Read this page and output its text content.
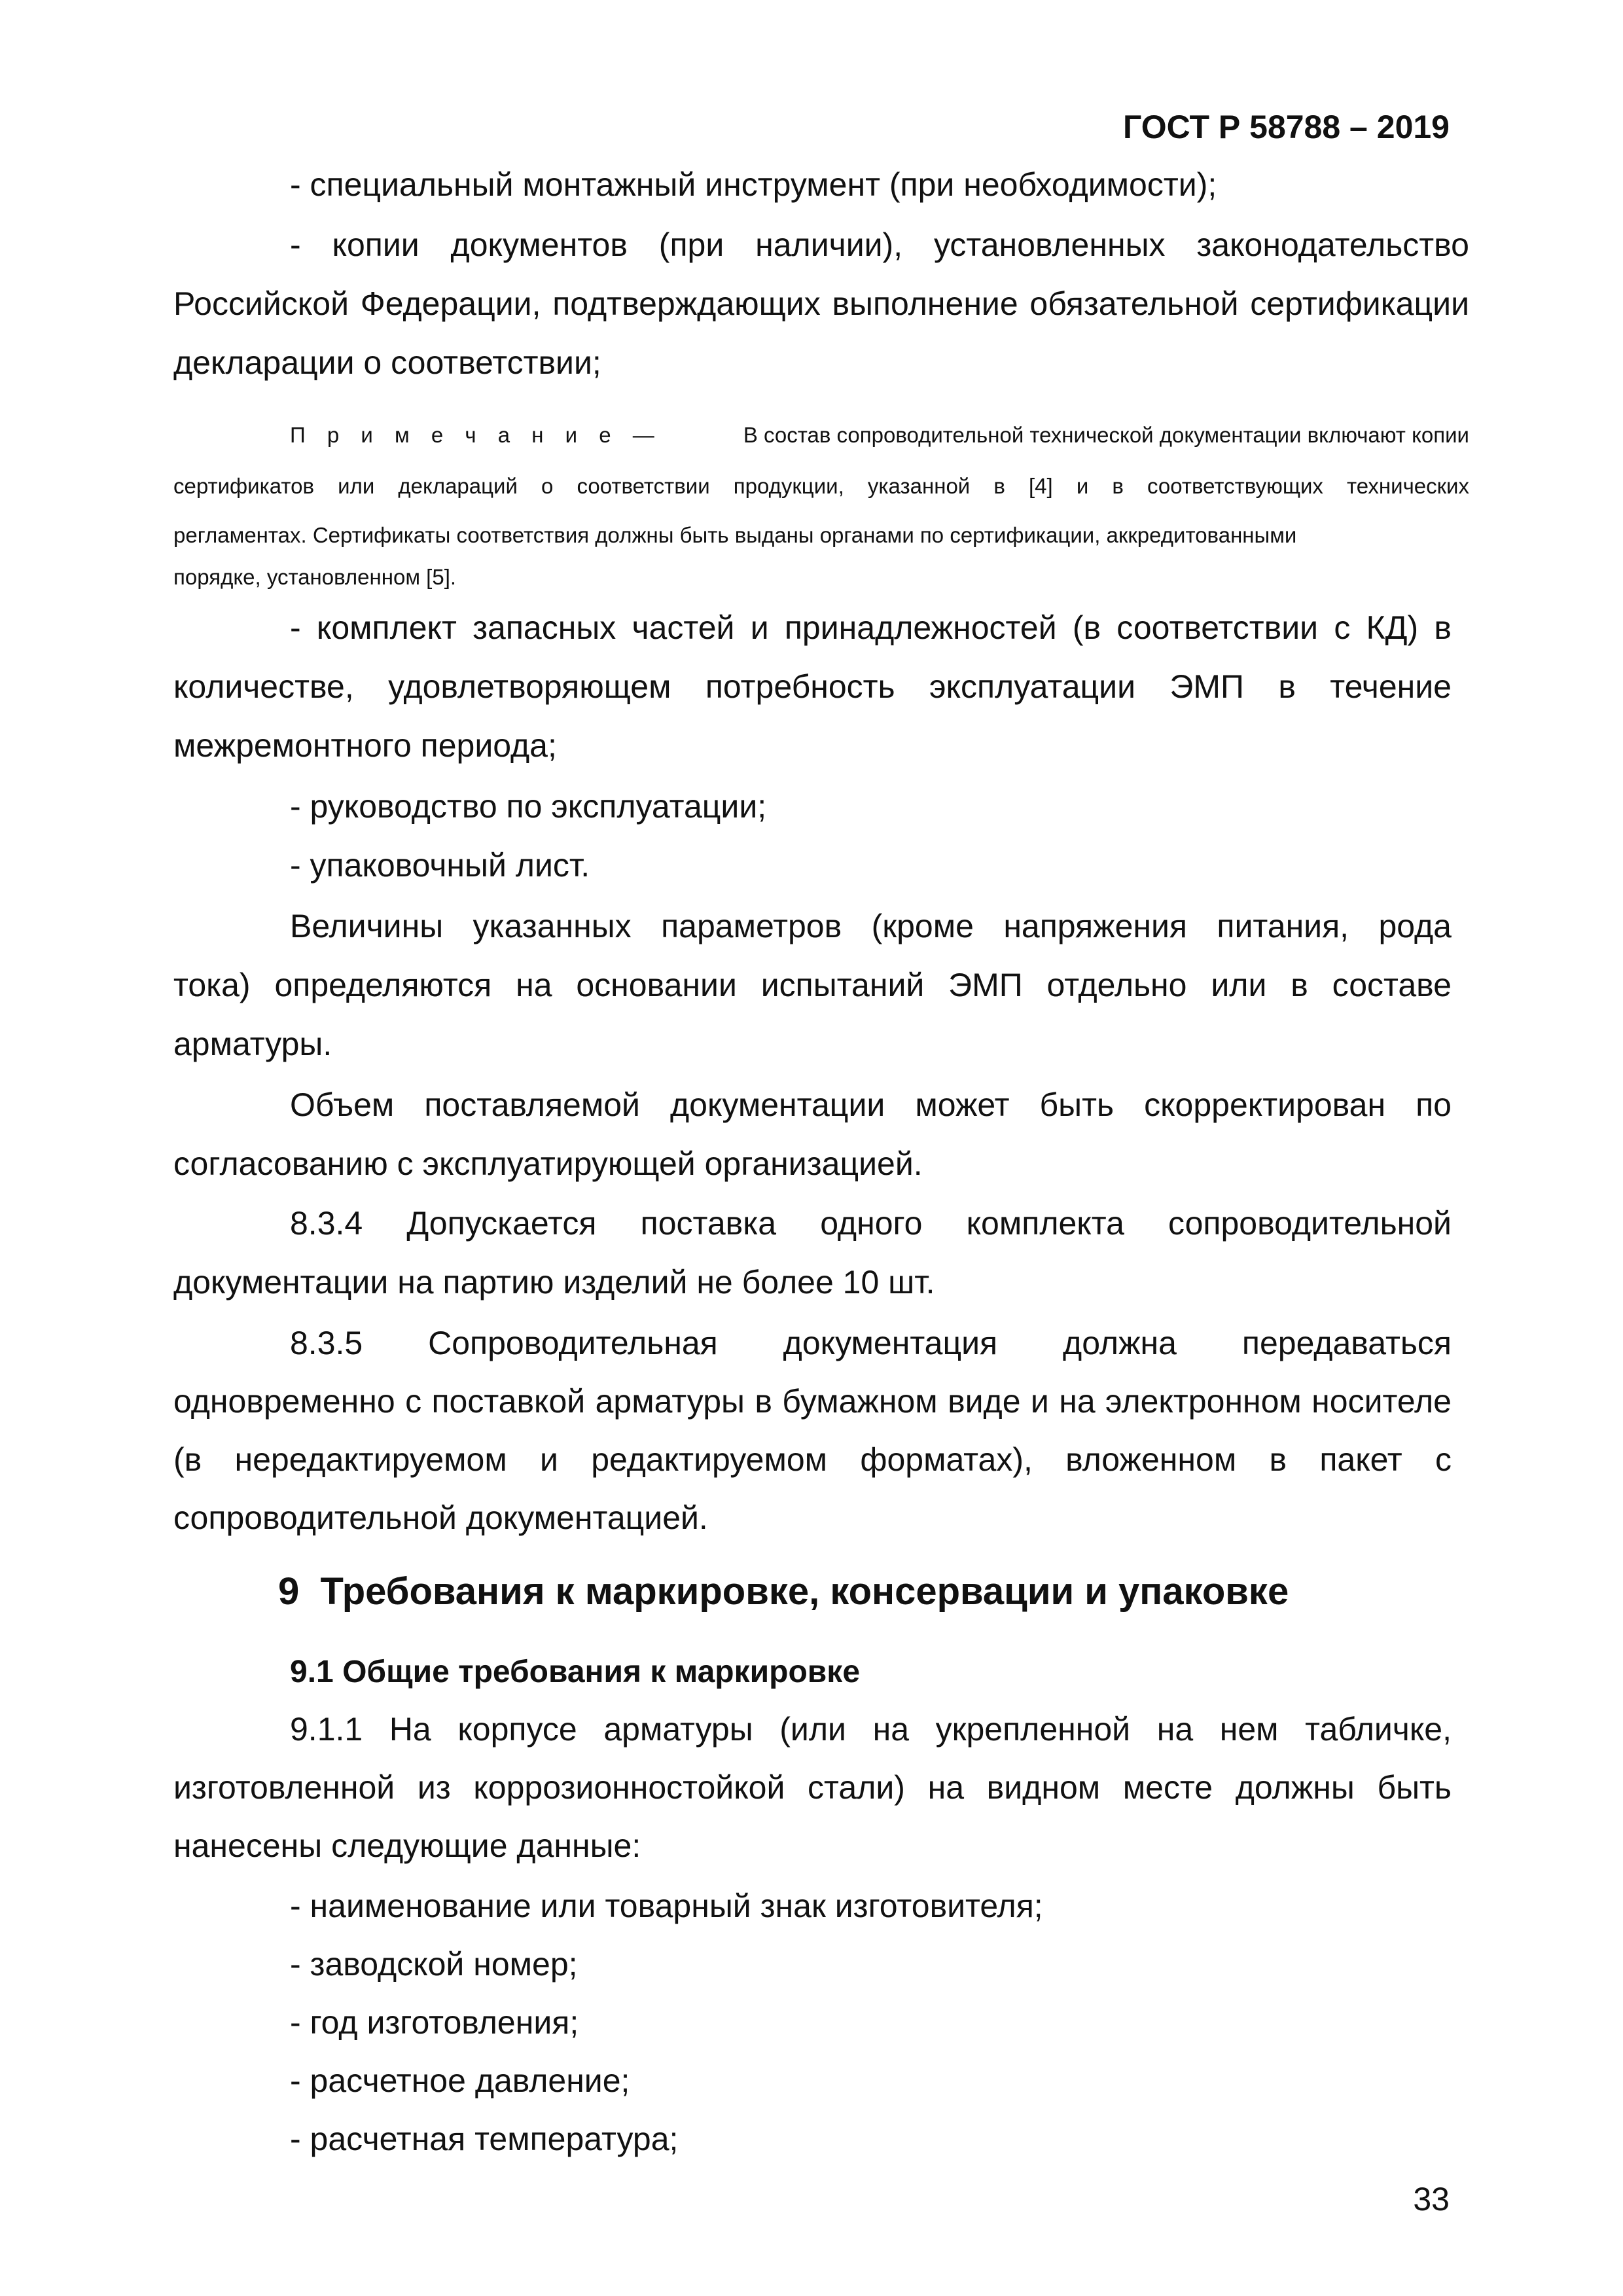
ГОСТ Р 58788 – 2019

- специальный монтажный инструмент (при необходимости);

- копии документов (при наличии), установленных законодательство

Российской Федерации, подтверждающих выполнение обязательной сертификации

декларации о соответствии;

П р и м е ч а н и е —	В состав сопроводительной технической документации включают копии

сертификатов или деклараций о соответствии продукции, указанной в [4] и в соответствующих технических

регламентах. Сертификаты соответствия должны быть выданы органами по сертификации, аккредитованными

порядке, установленном [5].

- комплект запасных частей и принадлежностей (в соответствии с КД) в

количестве, удовлетворяющем потребность эксплуатации ЭМП в течение

межремонтного периода;

- руководство по эксплуатации;

- упаковочный лист.

Величины указанных параметров (кроме напряжения питания, рода

тока) определяются на основании испытаний ЭМП отдельно или в составе

арматуры.

Объем поставляемой документации может быть скорректирован по

согласованию с эксплуатирующей организацией.

8.3.4 Допускается поставка одного комплекта сопроводительной

документации на партию изделий не более 10 шт.

8.3.5 Сопроводительная документация должна передаваться

одновременно с поставкой арматуры в бумажном виде и на электронном носителе

(в нередактируемом и редактируемом форматах), вложенном в пакет с

сопроводительной документацией.

9 Требования к маркировке, консервации и упаковке
9.1 Общие требования к маркировке

9.1.1 На корпусе арматуры (или на укрепленной на нем табличке,

изготовленной из коррозионностойкой стали) на видном месте должны быть

нанесены следующие данные:

- наименование или товарный знак изготовителя;

- заводской номер;

- год изготовления;

- расчетное давление;

- расчетная температура;

33
